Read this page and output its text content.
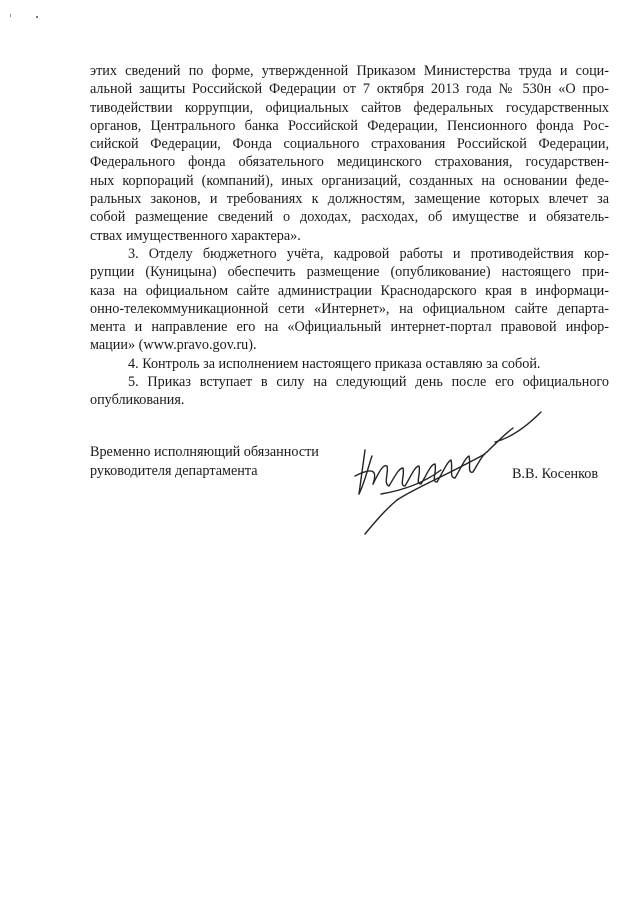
этих сведений по форме, утвержденной Приказом Министерства труда и соци-
альной защиты Российской Федерации от 7 октября 2013 года № 530н «О про-
тиводействии коррупции, официальных сайтов федеральных государственных
органов, Центрального банка Российской Федерации, Пенсионного фонда Рос-
сийской Федерации, Фонда социального страхования Российской Федерации,
Федерального фонда обязательного медицинского страхования, государствен-
ных корпораций (компаний), иных организаций, созданных на основании феде-
ральных законов, и требованиях к должностям, замещение которых влечет за
собой размещение сведений о доходах, расходах, об имуществе и обязатель-
ствах имущественного характера».
3. Отделу бюджетного учёта, кадровой работы и противодействия кор-
рупции (Куницына) обеспечить размещение (опубликование) настоящего при-
каза на официальном сайте администрации Краснодарского края в информаци-
онно-телекоммуникационной сети «Интернет», на официальном сайте департа-
мента и направление его на «Официальный интернет-портал правовой инфор-
мации» (www.pravo.gov.ru).
4. Контроль за исполнением настоящего приказа оставляю за собой.
5. Приказ вступает в силу на следующий день после его официального
опубликования.
Временно исполняющий обязанности
руководителя департамента	В.В. Косенков
